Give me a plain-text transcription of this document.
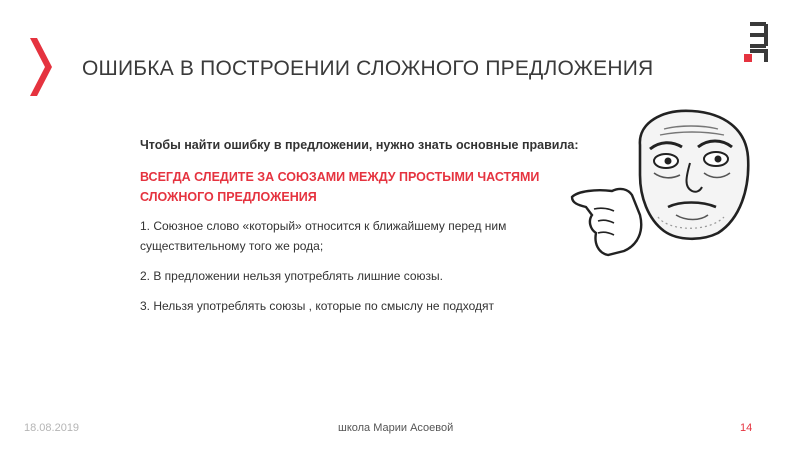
ОШИБКА В ПОСТРОЕНИИ СЛОЖНОГО ПРЕДЛОЖЕНИЯ

Чтобы найти ошибку в предложении, нужно знать основные правила:

ВСЕГДА СЛЕДИТЕ ЗА СОЮЗАМИ МЕЖДУ ПРОСТЫМИ ЧАСТЯМИ СЛОЖНОГО ПРЕДЛОЖЕНИЯ

1. Союзное слово «который» относится к ближайшему перед ним существительному того же рода;

2. В предложении нельзя употреблять лишние союзы.

3. Нельзя употреблять союзы , которые по смыслу не подходят

18.08.2019	школа Марии Асоевой	14
